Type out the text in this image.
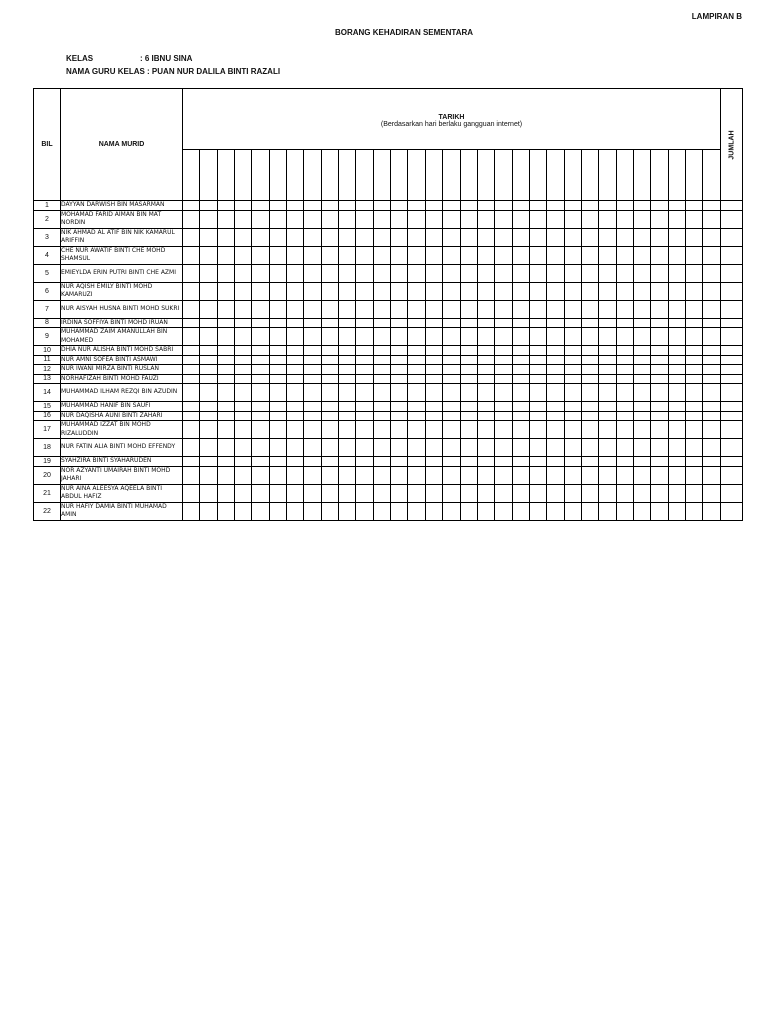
LAMPIRAN B
BORANG KEHADIRAN SEMENTARA
KELAS	: 6 IBNU SINA
NAMA GURU KELAS : PUAN NUR DALILA BINTI RAZALI
BIL	NAMA MURID	TARIKH
(Berdasarkan hari berlaku gangguan internet)																															JUMLAH

1	DAYYAN DARWISH BIN MASARMAN																																
2	MOHAMAD FARID AIMAN BIN MAT NORDIN																																
3	NIK AHMAD AL ATIF BIN NIK KAMARUL ARIFFIN																																
4	CHE NUR AWATIF BINTI CHE MOHD SHAMSUL																																
5	EMIEYLDA ERIN PUTRI BINTI CHE AZMI																																
6	NUR AQISH EMILY BINTI MOHD KAMARUZI																																
7	NUR AISYAH HUSNA BINTI MOHD SUKRI																																
8	IRDINA SOFFIYA BINTI MOHD IRUAN																																
9	MUHAMMAD ZAIM AMANULLAH BIN MOHAMED																																
10	DHIA NUR ALISHA BINTI MOHD SABRI																																
11	NUR AMNI SOFEA BINTI ASMAWI																																
12	NUR IWANI MIRZA BINTI RUSLAN																																
13	NORHAFIZAH BINTI MOHD FAUZI																																
14	MUHAMMAD ILHAM REZQI BIN AZUDIN																																
15	MUHAMMAD HANIF BIN SAUFI																																
16	NUR DAQISHA AUNI BINTI ZAHARI																																
17	MUHAMMAD IZZAT BIN MOHD RIZALUDDIN																																
18	NUR FATIN ALIA BINTI MOHD EFFENDY																																
19	SYAHZIRA BINTI SYAHARUDEN																																
20	NOR AZYANTI UMAIRAH BINTI MOHD JAHARI																																
21	NUR AINA ALEESYA AQEELA BINTI ABDUL HAFIZ																																
22	NUR HAFIY DAMIA BINTI MUHAMAD AMIN																																
